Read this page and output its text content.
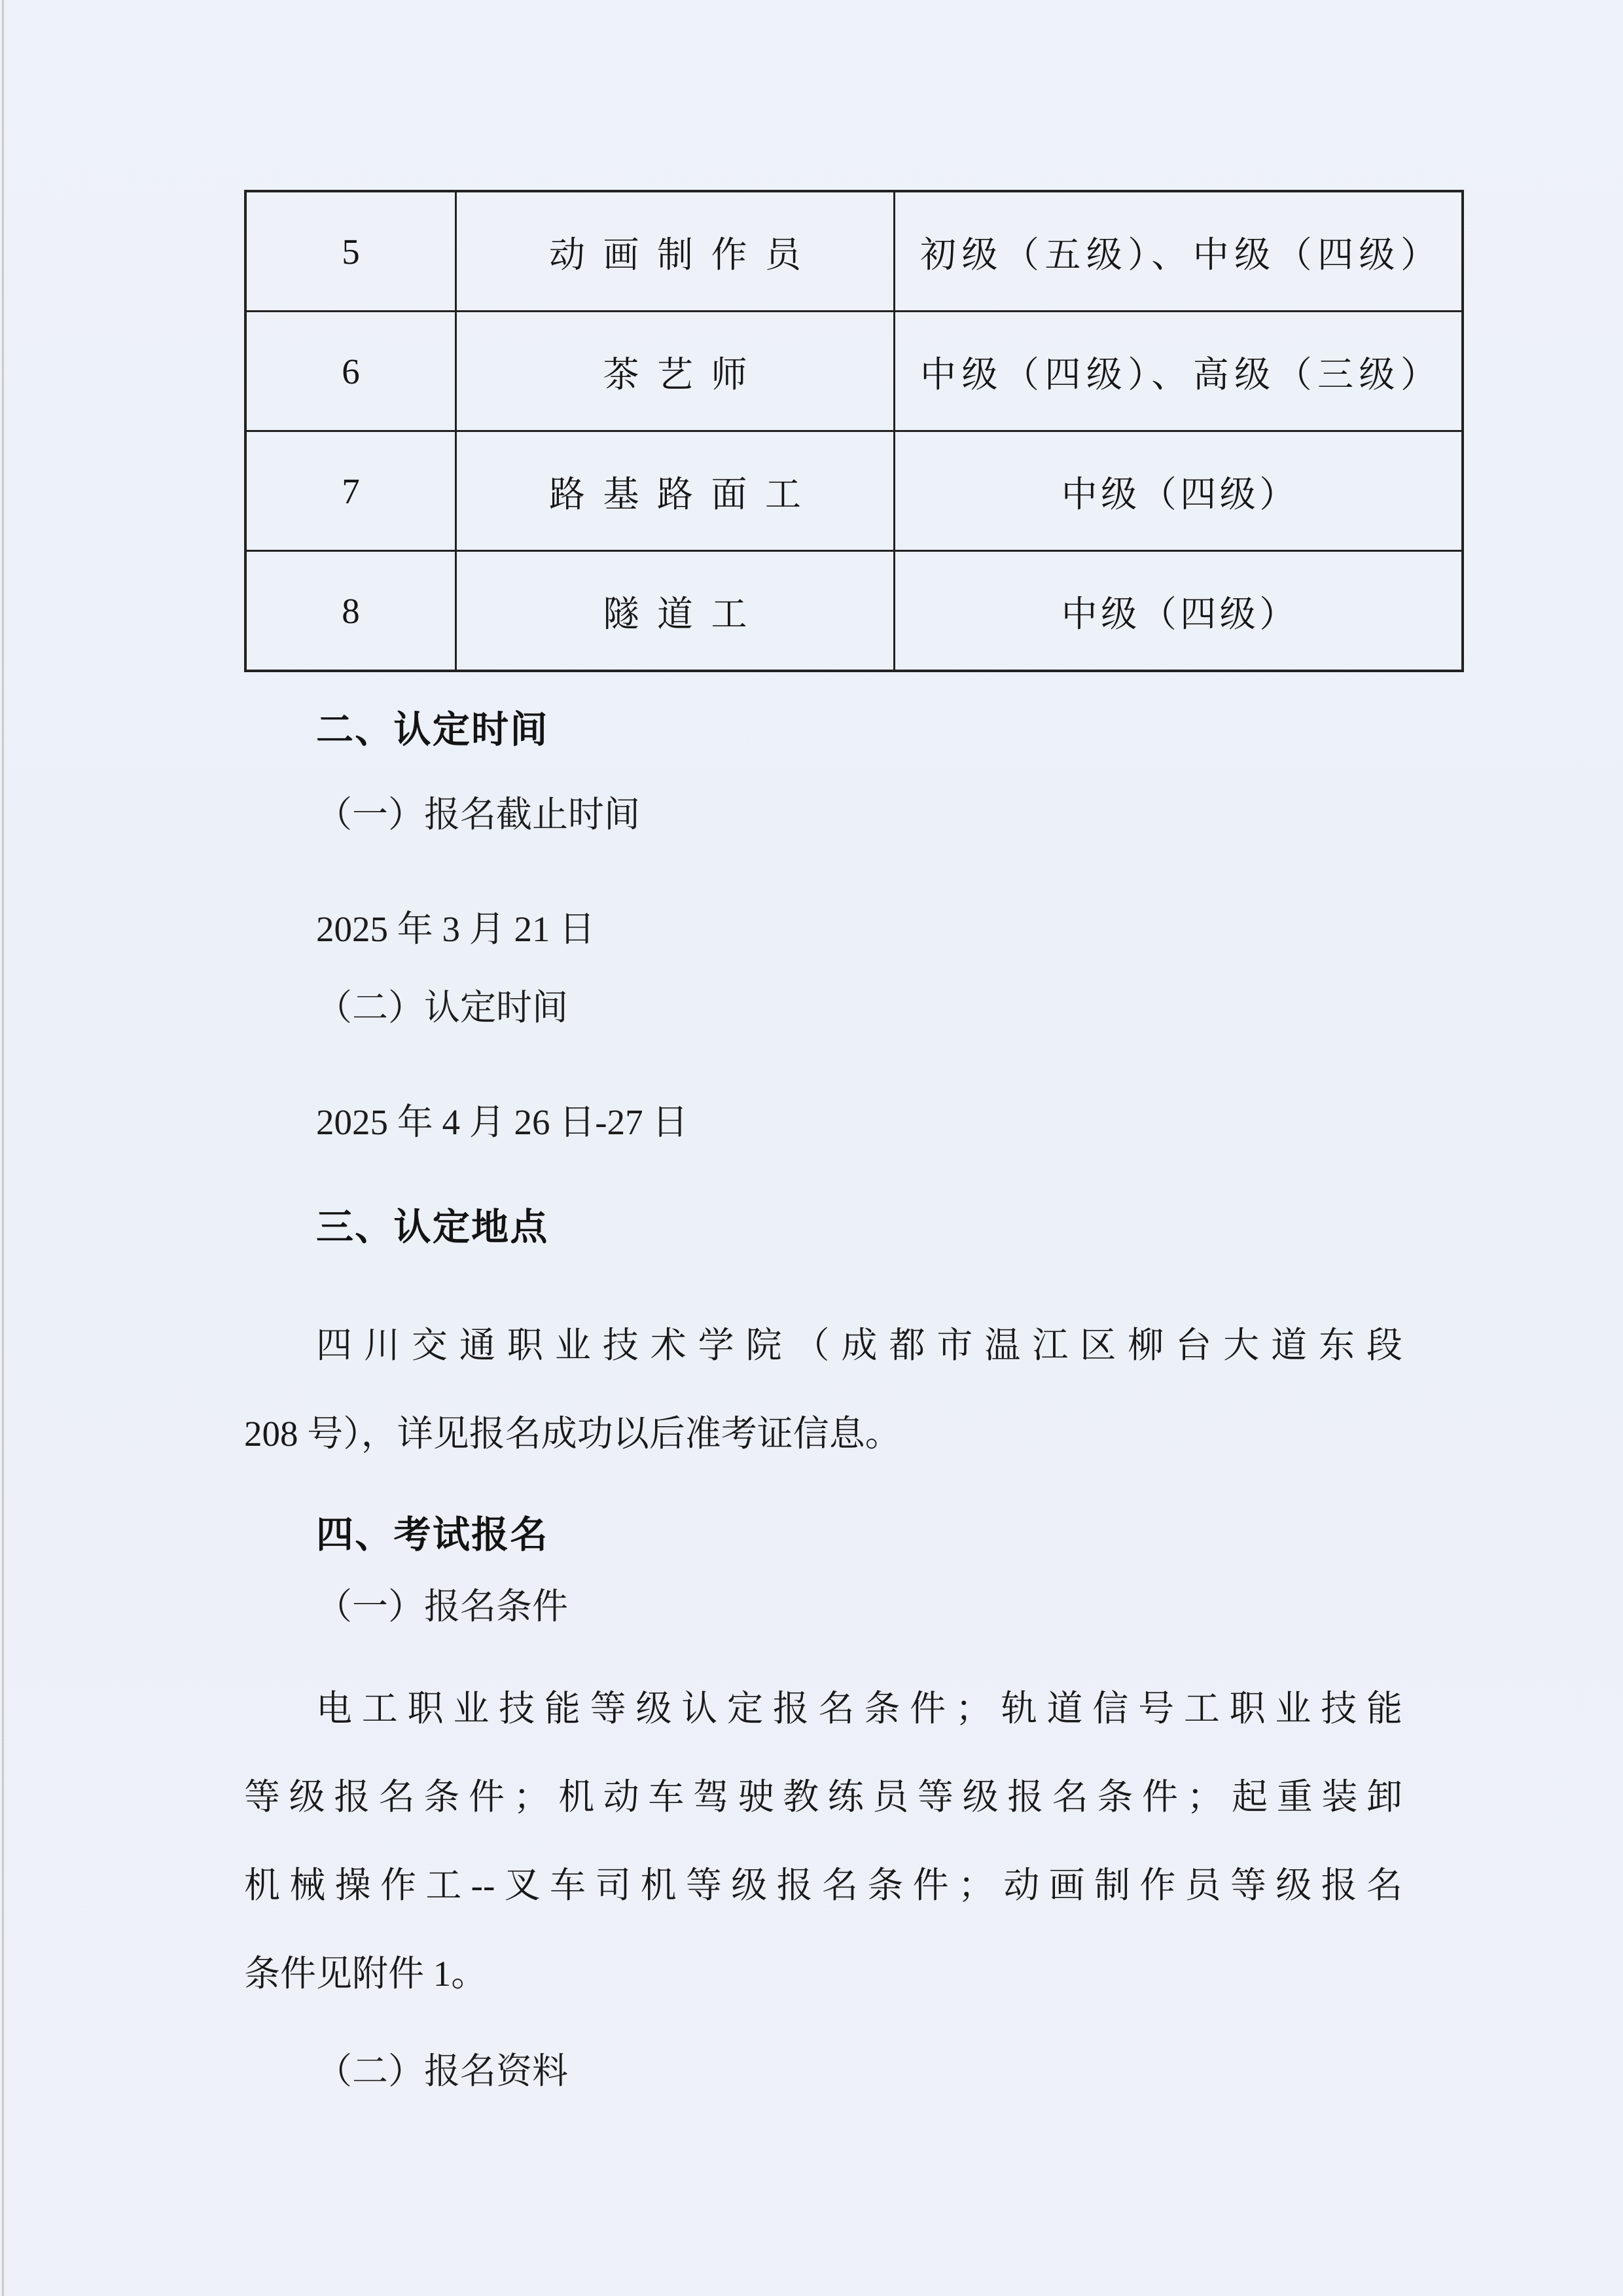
5	动画制作员	初级（五级）、中级（四级）
6	茶艺师	中级（四级）、高级（三级）
7	路基路面工	中级（四级）
8	隧道工	中级（四级）
二、认定时间
（一）报名截止时间
2025 年 3 月 21 日
（二）认定时间
2025 年 4 月 26 日-27 日
三、认定地点
四川交通职业技术学院（成都市温江区柳台大道东段
208 号），详见报名成功以后准考证信息。
四、考试报名
（一）报名条件
电工职业技能等级认定报名条件；轨道信号工职业技能
等级报名条件；机动车驾驶教练员等级报名条件；起重装卸
机械操作工--叉车司机等级报名条件；动画制作员等级报名
条件见附件 1。
（二）报名资料
